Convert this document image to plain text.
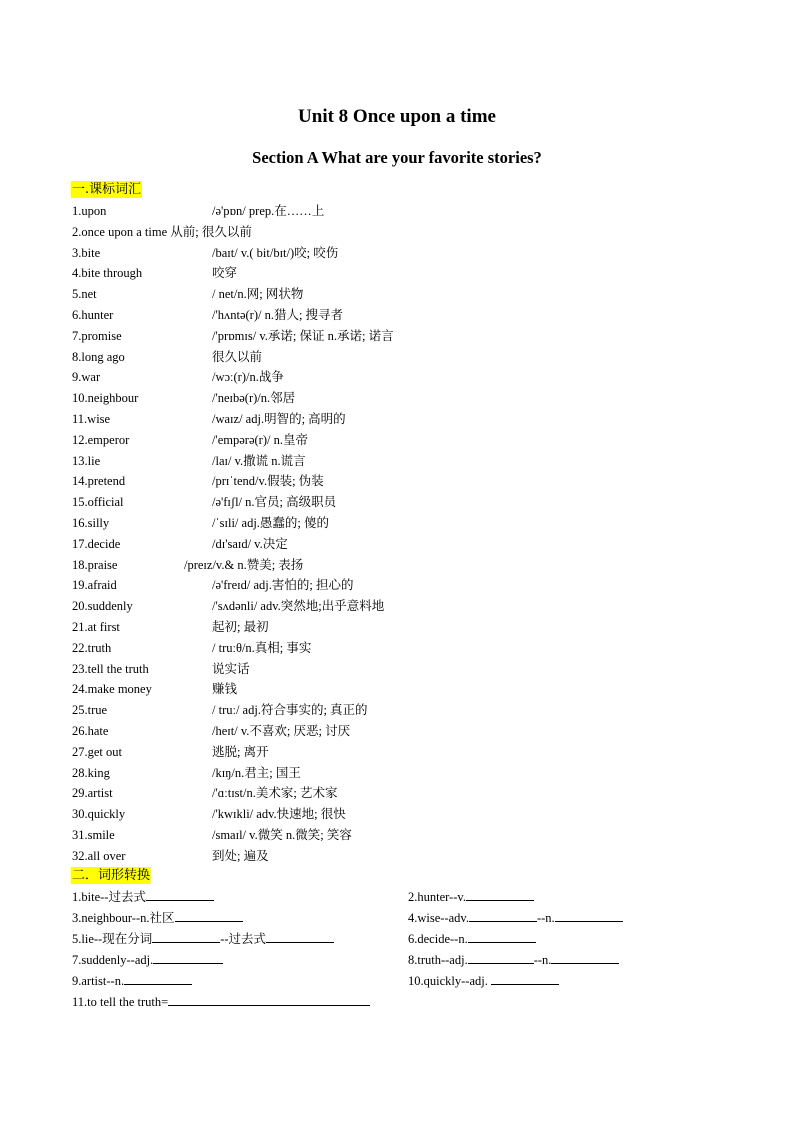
Unit 8 Once upon a time
Section A What are your favorite stories?
一.课标词汇
1.upon	/ə'pɒn/ prep.在……上
2.once upon a time 从前; 很久以前
3.bite	/baɪt/ v.( bit/bɪt/)咬; 咬伤
4.bite through	咬穿
5.net	/ net/n.网; 网状物
6.hunter	/'hʌntə(r)/ n.猎人; 搜寻者
7.promise	/'prɒmɪs/ v.承诺; 保证 n.承诺; 诺言
8.long ago	很久以前
9.war	/wɔː(r)/n.战争
10.neighbour	/'neɪbə(r)/n.邻居
11.wise	/waɪz/ adj.明智的; 高明的
12.emperor	/'empərə(r)/ n.皇帝
13.lie	/laɪ/ v.撒谎 n.谎言
14.pretend	/prɪˈtend/v.假装; 伪装
15.official	/ə'fɪʃl/ n.官员; 高级职员
16.silly	/ˈsɪli/ adj.愚蠢的; 傻的
17.decide	/dɪ'saɪd/ v.决定
18.praise	/preɪz/v.& n.赞美; 表扬
19.afraid	/ə'freɪd/ adj.害怕的; 担心的
20.suddenly	/'sʌdənli/ adv.突然地;出乎意料地
21.at first	起初; 最初
22.truth	/ truːθ/n.真相; 事实
23.tell the truth	说实话
24.make money	赚钱
25.true	/ truː/ adj.符合事实的; 真正的
26.hate	/heɪt/ v.不喜欢; 厌恶; 讨厌
27.get out	逃脱; 离开
28.king	/kɪŋ/n.君主; 国王
29.artist	/'ɑːtɪst/n.美术家; 艺术家
30.quickly	/'kwɪkli/ adv.快速地; 很快
31.smile	/smaɪl/ v.微笑 n.微笑; 笑容
32.all over	到处; 遍及
二．词形转换
1.bite--过去式	2.hunter--v.
3.neighbour--n.社区	4.wise--adv.	--n.
5.lie--现在分词	--过去式	6.decide--n.
7.suddenly--adj.	8.truth--adj.	--n.
9.artist--n.	10.quickly--adj.
11.to tell the truth=
